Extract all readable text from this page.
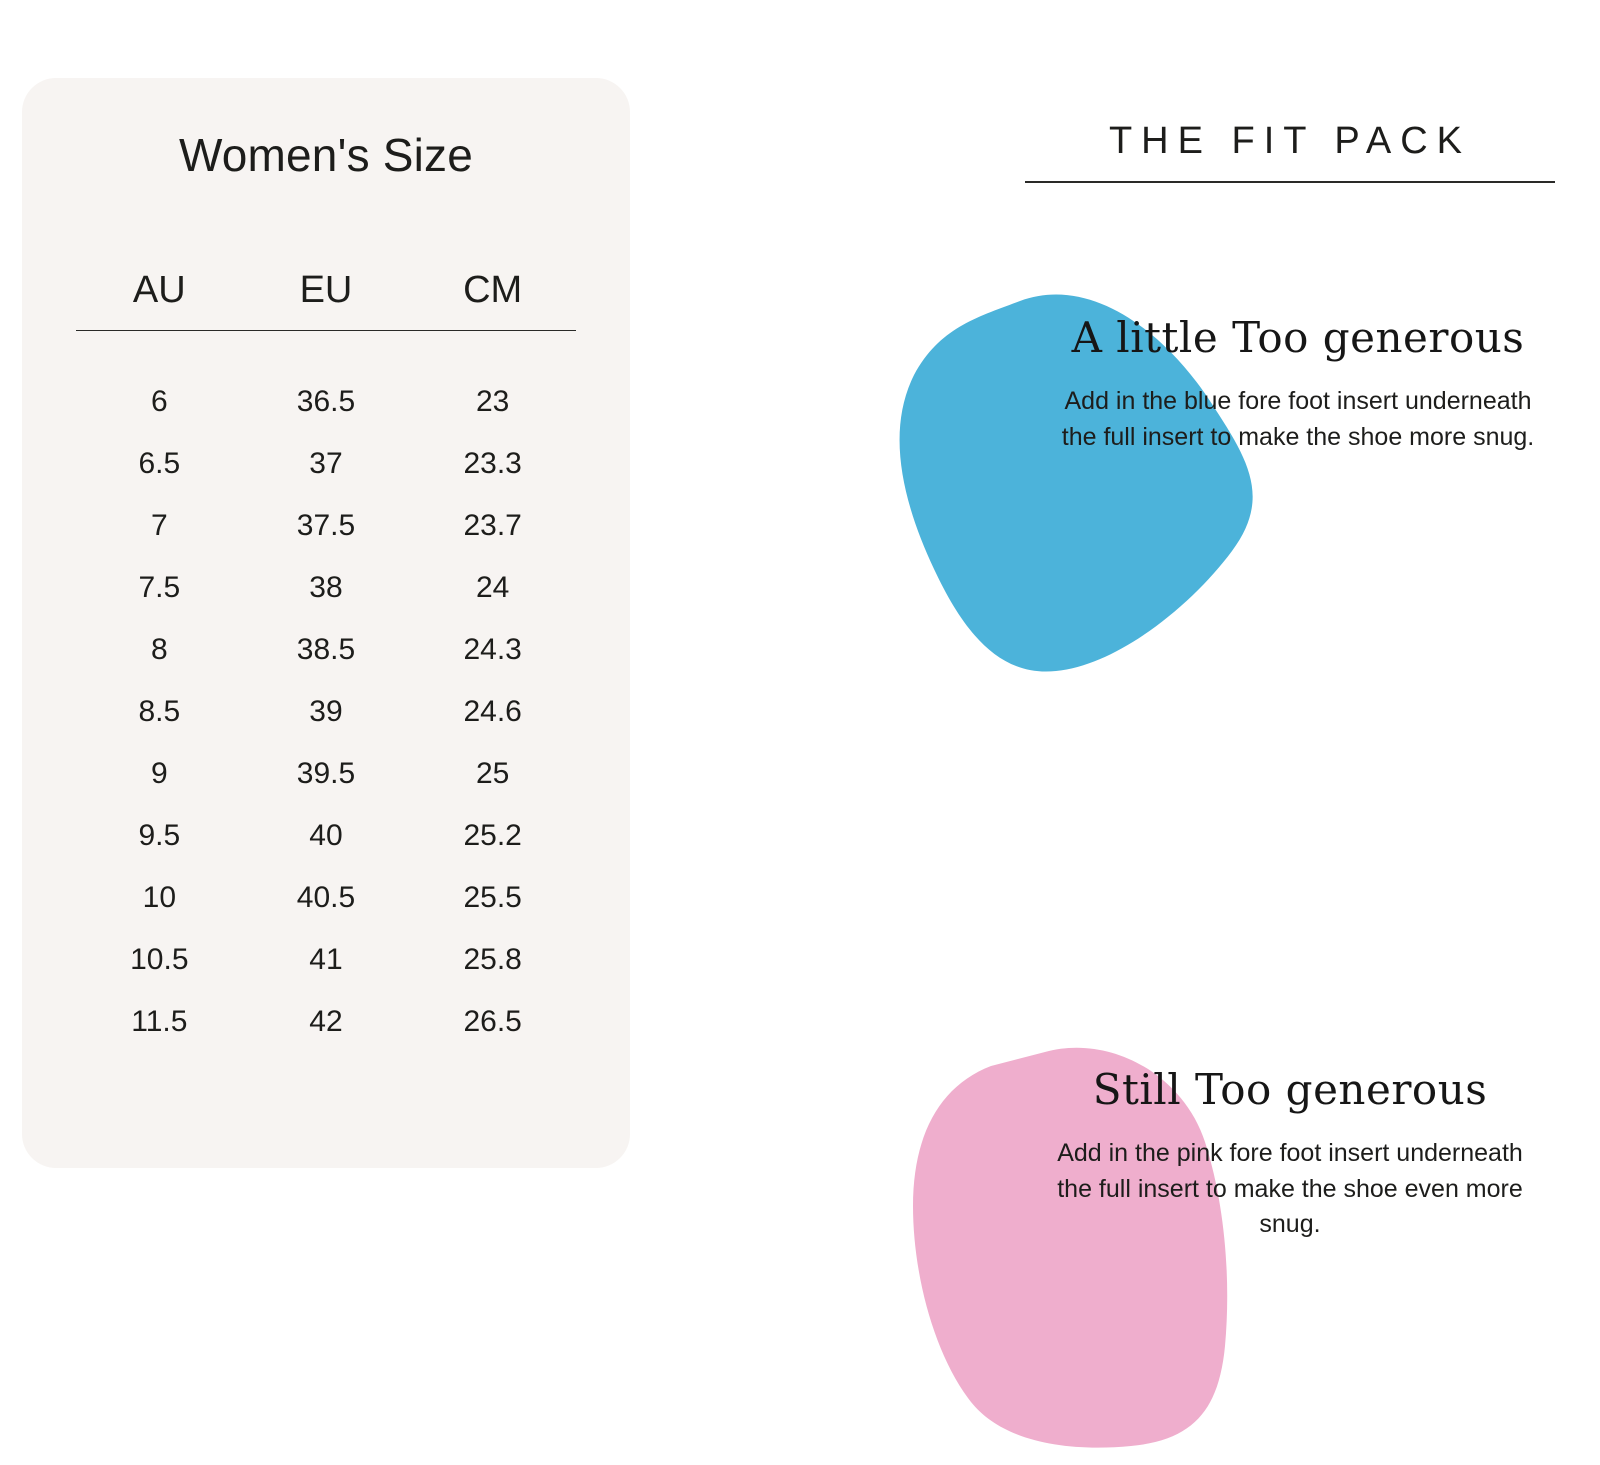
Women's Size
AU	EU	CM
6	36.5	23
6.5	37	23.3
7	37.5	23.7
7.5	38	24
8	38.5	24.3
8.5	39	24.6
9	39.5	25
9.5	40	25.2
10	40.5	25.5
10.5	41	25.8
11.5	42	26.5
THE FIT PACK
A little Too generous
Add in the blue fore foot insert underneath the full insert to make the shoe more snug.
Still Too generous
Add in the pink fore foot insert underneath the full insert to make the shoe even more snug.
